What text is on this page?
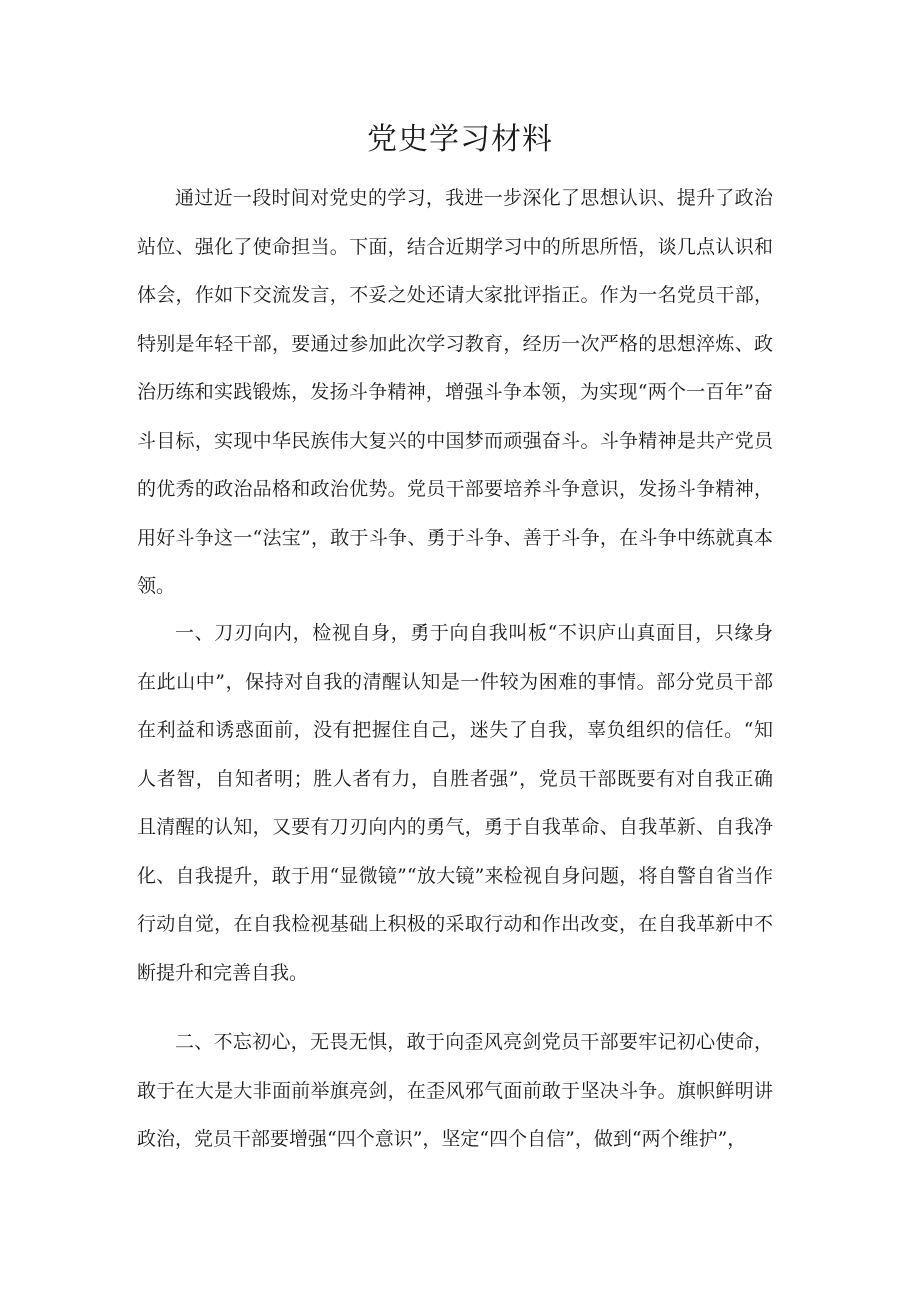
党史学习材料

通过近一段时间对党史的学习，我进一步深化了思想认识、提升了政治站位、强化了使命担当。下面，结合近期学习中的所思所悟，谈几点认识和体会，作如下交流发言，不妥之处还请大家批评指正。作为一名党员干部，特别是年轻干部，要通过参加此次学习教育，经历一次严格的思想淬炼、政治历练和实践锻炼，发扬斗争精神，增强斗争本领，为实现“两个一百年”奋斗目标，实现中华民族伟大复兴的中国梦而顽强奋斗。斗争精神是共产党员的优秀的政治品格和政治优势。党员干部要培养斗争意识，发扬斗争精神，用好斗争这一“法宝”，敢于斗争、勇于斗争、善于斗争，在斗争中练就真本领。

一、刀刃向内，检视自身，勇于向自我叫板“不识庐山真面目，只缘身在此山中”，保持对自我的清醒认知是一件较为困难的事情。部分党员干部在利益和诱惑面前，没有把握住自己，迷失了自我，辜负组织的信任。“知人者智，自知者明；胜人者有力，自胜者强”，党员干部既要有对自我正确且清醒的认知，又要有刀刃向内的勇气，勇于自我革命、自我革新、自我净化、自我提升，敢于用“显微镜”“放大镜”来检视自身问题，将自警自省当作行动自觉，在自我检视基础上积极的采取行动和作出改变，在自我革新中不断提升和完善自我。

二、不忘初心，无畏无惧，敢于向歪风亮剑党员干部要牢记初心使命，敢于在大是大非面前举旗亮剑，在歪风邪气面前敢于坚决斗争。旗帜鲜明讲政治，党员干部要增强“四个意识”，坚定“四个自信”，做到“两个维护”，
